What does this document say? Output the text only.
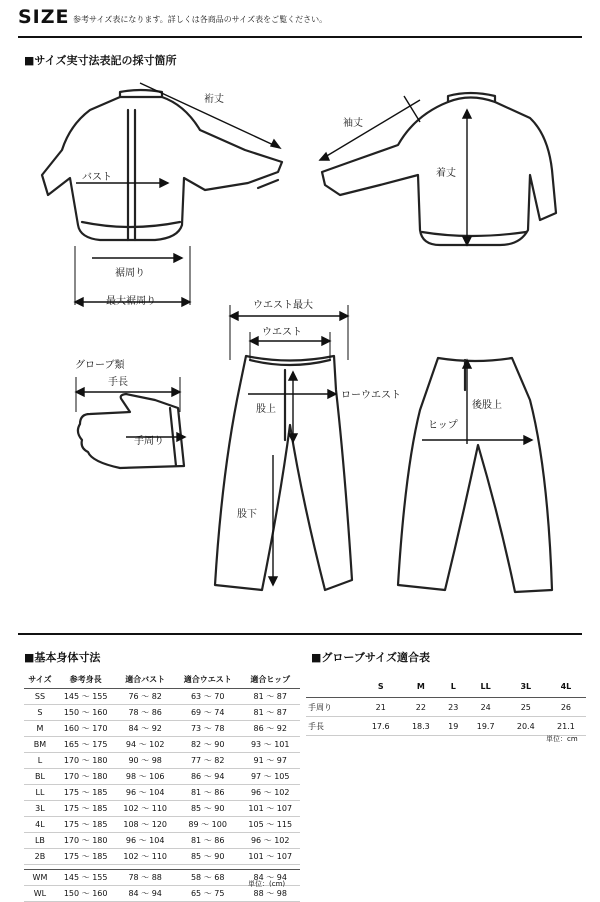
SIZE 参考サイズ表になります。詳しくは各商品のサイズ表をご覧ください。
■サイズ実寸法表記の採寸箇所
裄丈
バスト
裾周り
最大裾周り
袖丈
着丈
ウエスト最大
ウエスト
ローウエスト
股上
股下
ヒップ
後股上
グローブ類
手長
手周り
■基本身体寸法
サイズ	参考身長	適合バスト	適合ウエスト	適合ヒップ
SS	145 ～ 155	76 ～ 82	63 ～ 70	81 ～ 87
S	150 ～ 160	78 ～ 86	69 ～ 74	81 ～ 87
M	160 ～ 170	84 ～ 92	73 ～ 78	86 ～ 92
BM	165 ～ 175	94 ～ 102	82 ～ 90	93 ～ 101
L	170 ～ 180	90 ～ 98	77 ～ 82	91 ～ 97
BL	170 ～ 180	98 ～ 106	86 ～ 94	97 ～ 105
LL	175 ～ 185	96 ～ 104	81 ～ 86	96 ～ 102
3L	175 ～ 185	102 ～ 110	85 ～ 90	101 ～ 107
4L	175 ～ 185	108 ～ 120	89 ～ 100	105 ～ 115
LB	170 ～ 180	96 ～ 104	81 ～ 86	96 ～ 102
2B	175 ～ 185	102 ～ 110	85 ～ 90	101 ～ 107

WM	145 ～ 155	78 ～ 88	58 ～ 68	84 ～ 94
WL	150 ～ 160	84 ～ 94	65 ～ 75	88 ～ 98
単位：(cm)
■グローブサイズ適合表
	S	M	L	LL	3L	4L
手周り	21	22	23	24	25	26
手長	17.6	18.3	19	19.7	20.4	21.1
単位：cm
